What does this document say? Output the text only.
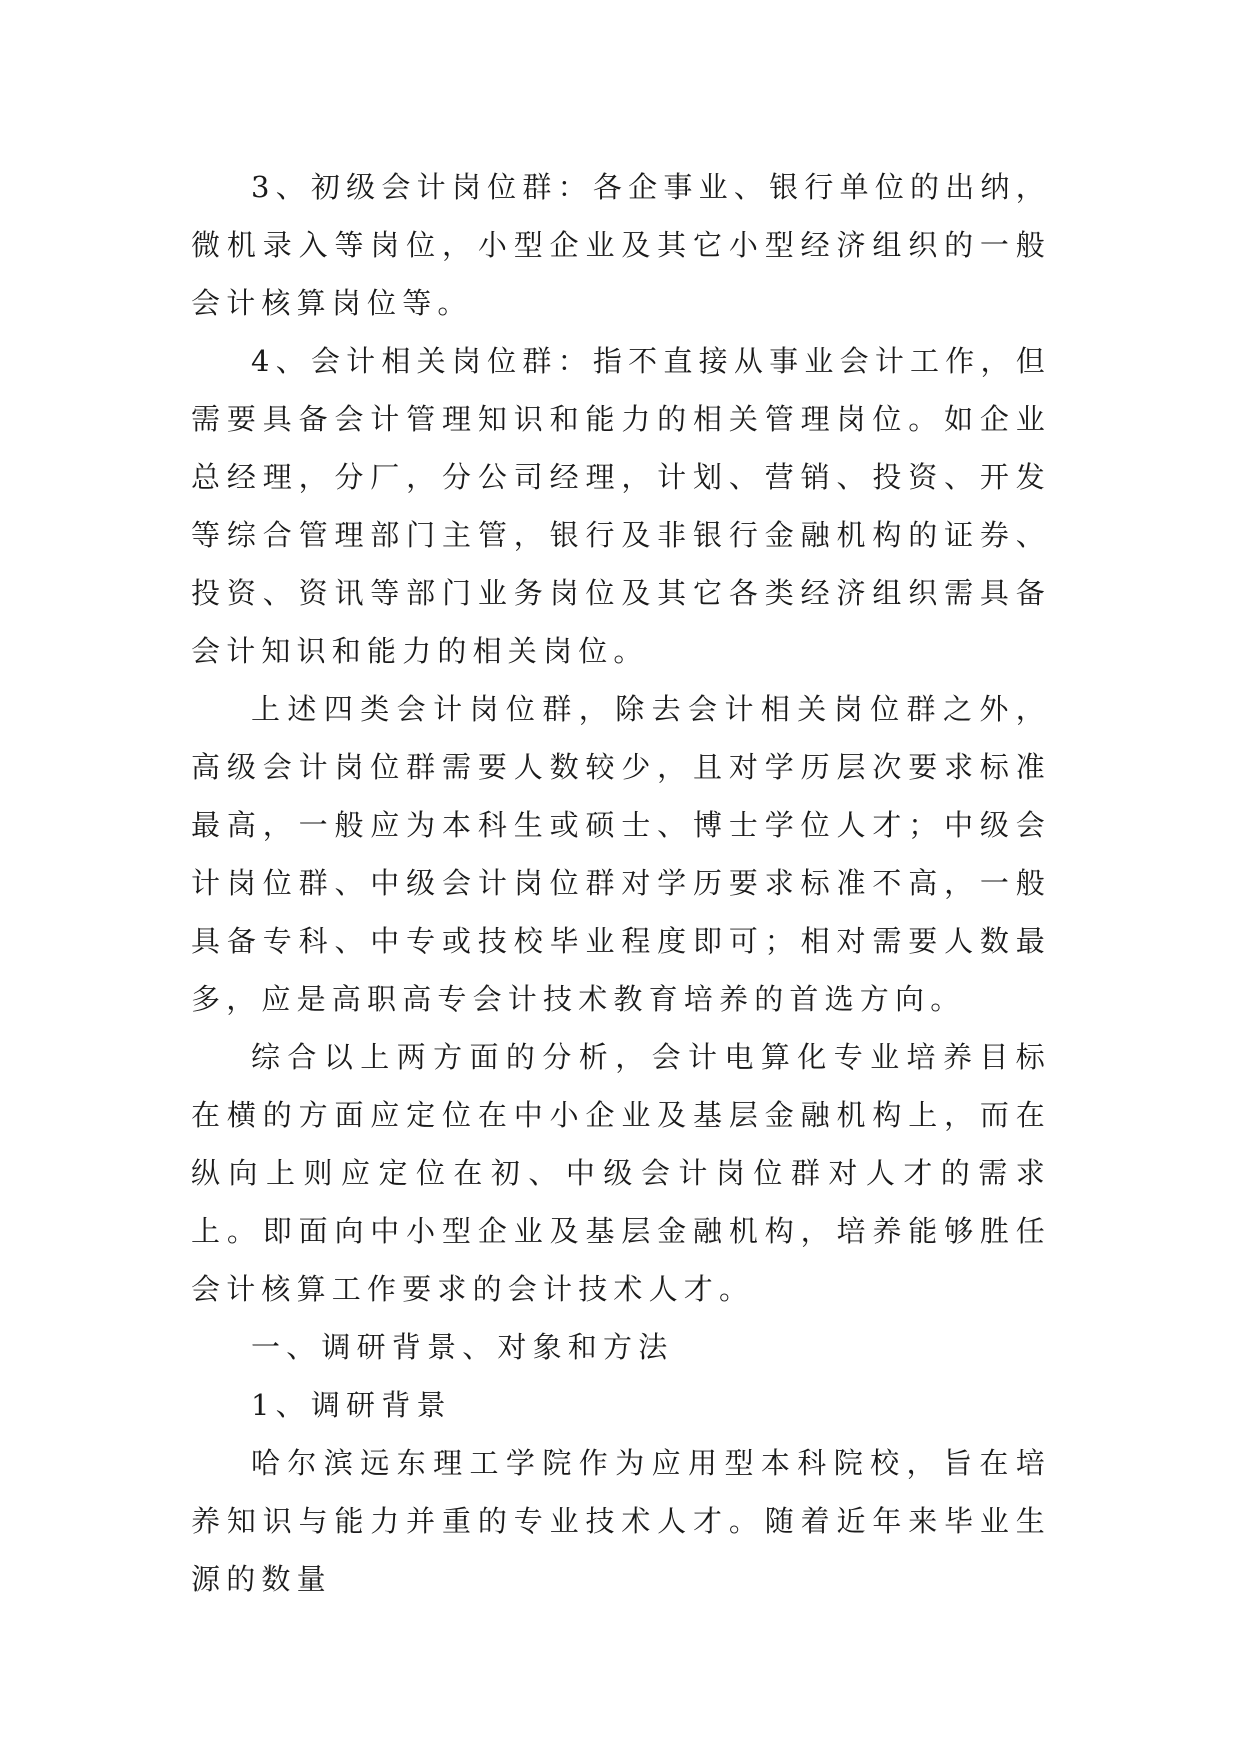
3、初级会计岗位群：各企事业、银行单位的出纳，微机录入等岗位，小型企业及其它小型经济组织的一般会计核算岗位等。

4、会计相关岗位群：指不直接从事业会计工作，但需要具备会计管理知识和能力的相关管理岗位。如企业总经理，分厂，分公司经理，计划、营销、投资、开发等综合管理部门主管，银行及非银行金融机构的证券、投资、资讯等部门业务岗位及其它各类经济组织需具备会计知识和能力的相关岗位。

上述四类会计岗位群，除去会计相关岗位群之外，高级会计岗位群需要人数较少，且对学历层次要求标准最高，一般应为本科生或硕士、博士学位人才；中级会计岗位群、中级会计岗位群对学历要求标准不高，一般具备专科、中专或技校毕业程度即可；相对需要人数最多，应是高职高专会计技术教育培养的首选方向。

综合以上两方面的分析，会计电算化专业培养目标在横的方面应定位在中小企业及基层金融机构上，而在纵向上则应定位在初、中级会计岗位群对人才的需求上。即面向中小型企业及基层金融机构，培养能够胜任会计核算工作要求的会计技术人才。

一、调研背景、对象和方法

1、调研背景

哈尔滨远东理工学院作为应用型本科院校，旨在培养知识与能力并重的专业技术人才。随着近年来毕业生源的数量
